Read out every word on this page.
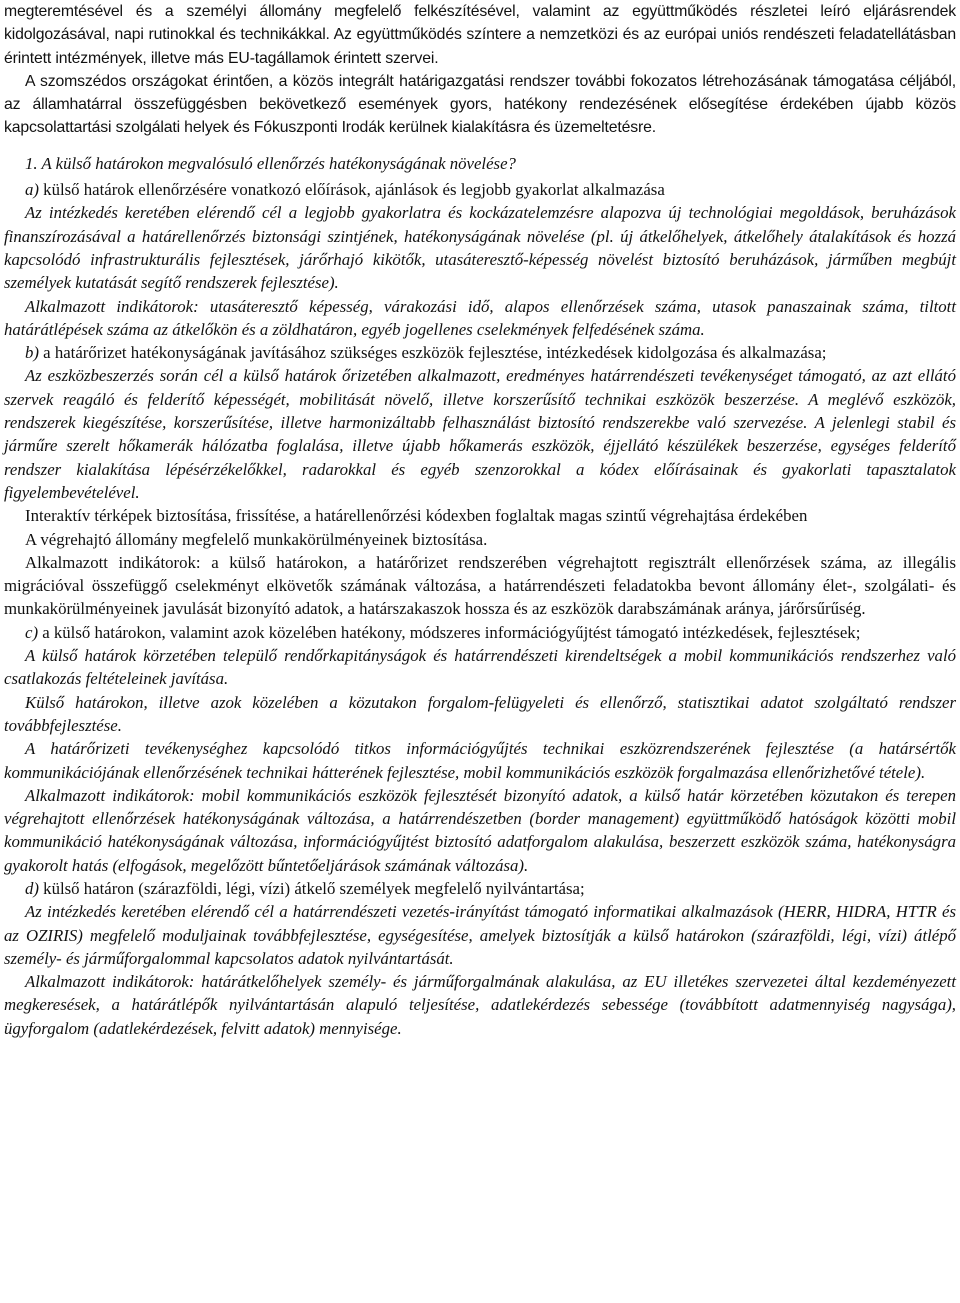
megteremtésével és a személyi állomány megfelelő felkészítésével, valamint az együttműködés részletei leíró eljárásrendek kidolgozásával, napi rutinokkal és technikákkal. Az együttműködés színtere a nemzetközi és az európai uniós rendészeti feladatellátásban érintett intézmények, illetve más EU-tagállamok érintett szervei.

A szomszédos országokat érintően, a közös integrált határigazgatási rendszer további fokozatos létrehozásának támogatása céljából, az államhatárral összefüggésben bekövetkező események gyors, hatékony rendezésének elősegítése érdekében újabb közös kapcsolattartási szolgálati helyek és Fókuszponti Irodák kerülnek kialakításra és üzemeltetésre.

1. A külső határokon megvalósuló ellenőrzés hatékonyságának növelése?

a) külső határok ellenőrzésére vonatkozó előírások, ajánlások és legjobb gyakorlat alkalmazása

Az intézkedés keretében elérendő cél a legjobb gyakorlatra és kockázatelemzésre alapozva új technológiai megoldások, beruházások finanszírozásával a határellenőrzés biztonsági szintjének, hatékonyságának növelése (pl. új átkelőhelyek, átkelőhely átalakítások és hozzá kapcsolódó infrastrukturális fejlesztések, járőrhajó kikötők, utasáteresztő-képesség növelést biztosító beruházások, járműben megbújt személyek kutatását segítő rendszerek fejlesztése).

Alkalmazott indikátorok: utasáteresztő képesség, várakozási idő, alapos ellenőrzések száma, utasok panaszainak száma, tiltott határátlépések száma az átkelőkön és a zöldhatáron, egyéb jogellenes cselekmények felfedésének száma.

b) a határőrizet hatékonyságának javításához szükséges eszközök fejlesztése, intézkedések kidolgozása és alkalmazása;

Az eszközbeszerzés során cél a külső határok őrizetében alkalmazott, eredményes határrendészeti tevékenységet támogató, az azt ellátó szervek reagáló és felderítő képességét, mobilitását növelő, illetve korszerűsítő technikai eszközök beszerzése. A meglévő eszközök, rendszerek kiegészítése, korszerűsítése, illetve harmonizáltabb felhasználást biztosító rendszerekbe való szervezése. A jelenlegi stabil és járműre szerelt hőkamerák hálózatba foglalása, illetve újabb hőkamerás eszközök, éjjellátó készülékek beszerzése, egységes felderítő rendszer kialakítása lépésérzékelőkkel, radarokkal és egyéb szenzorokkal a kódex előírásainak és gyakorlati tapasztalatok figyelembevételével.

Interaktív térképek biztosítása, frissítése, a határellenőrzési kódexben foglaltak magas szintű végrehajtása érdekében

A végrehajtó állomány megfelelő munkakörülményeinek biztosítása.

Alkalmazott indikátorok: a külső határokon, a határőrizet rendszerében végrehajtott regisztrált ellenőrzések száma, az illegális migrációval összefüggő cselekményt elkövetők számának változása, a határrendészeti feladatokba bevont állomány élet-, szolgálati- és munkakörülményeinek javulását bizonyító adatok, a határszakaszok hossza és az eszközök darabszámának aránya, járőrsűrűség.

c) a külső határokon, valamint azok közelében hatékony, módszeres információgyűjtést támogató intézkedések, fejlesztések;

A külső határok körzetében települő rendőrkapitányságok és határrendészeti kirendeltségek a mobil kommunikációs rendszerhez való csatlakozás feltételeinek javítása.

Külső határokon, illetve azok közelében a közutakon forgalom-felügyeleti és ellenőrző, statisztikai adatot szolgáltató rendszer továbbfejlesztése.

A határőrizeti tevékenységhez kapcsolódó titkos információgyűjtés technikai eszközrendszerének fejlesztése (a határsértők kommunikációjának ellenőrzésének technikai hátterének fejlesztése, mobil kommunikációs eszközök forgalmazása ellenőrizhetővé tétele).

Alkalmazott indikátorok: mobil kommunikációs eszközök fejlesztését bizonyító adatok, a külső határ körzetében közutakon és terepen végrehajtott ellenőrzések hatékonyságának változása, a határrendészetben (border management) együttműködő hatóságok közötti mobil kommunikáció hatékonyságának változása, információgyűjtést biztosító adatforgalom alakulása, beszerzett eszközök száma, hatékonyságra gyakorolt hatás (elfogások, megelőzött bűntetőeljárások számának változása).

d) külső határon (szárazföldi, légi, vízi) átkelő személyek megfelelő nyilvántartása;

Az intézkedés keretében elérendő cél a határrendészeti vezetés-irányítást támogató informatikai alkalmazások (HERR, HIDRA, HTTR és az OZIRIS) megfelelő moduljainak továbbfejlesztése, egységesítése, amelyek biztosítják a külső határokon (szárazföldi, légi, vízi) átlépő személy- és járműforgalommal kapcsolatos adatok nyilvántartását.

Alkalmazott indikátorok: határátkelőhelyek személy- és járműforgalmának alakulása, az EU illetékes szervezetei által kezdeményezett megkeresések, a határátlépők nyilvántartásán alapuló teljesítése, adatlekérdezés sebessége (továbbított adatmennyiség nagysága), ügyforgalom (adatlekérdezések, felvitt adatok) mennyisége.
